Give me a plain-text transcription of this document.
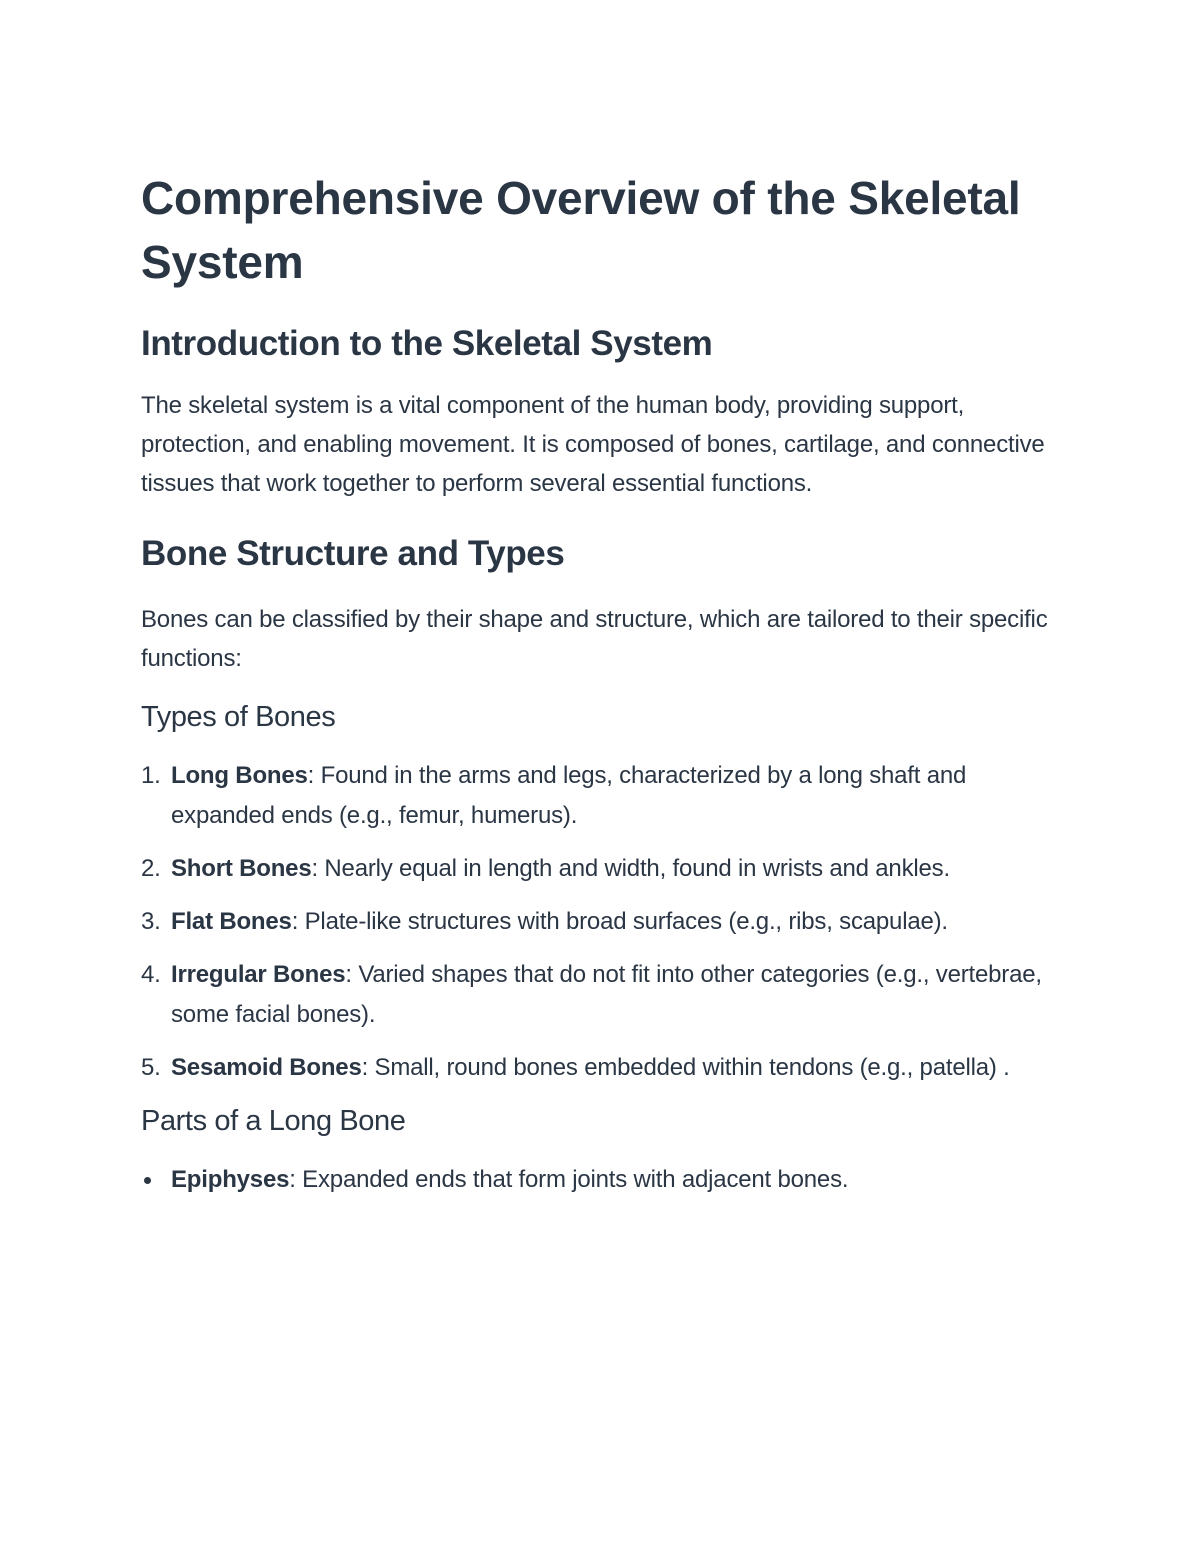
Comprehensive Overview of the Skeletal System
Introduction to the Skeletal System

The skeletal system is a vital component of the human body, providing support, protection, and enabling movement. It is composed of bones, cartilage, and connective tissues that work together to perform several essential functions.

Bone Structure and Types

Bones can be classified by their shape and structure, which are tailored to their specific functions:

Types of Bones
1. Long Bones: Found in the arms and legs, characterized by a long shaft and expanded ends (e.g., femur, humerus).
2. Short Bones: Nearly equal in length and width, found in wrists and ankles.
3. Flat Bones: Plate-like structures with broad surfaces (e.g., ribs, scapulae).
4. Irregular Bones: Varied shapes that do not fit into other categories (e.g., vertebrae, some facial bones).
5. Sesamoid Bones: Small, round bones embedded within tendons (e.g., patella) .
Parts of a Long Bone
Epiphyses: Expanded ends that form joints with adjacent bones.
